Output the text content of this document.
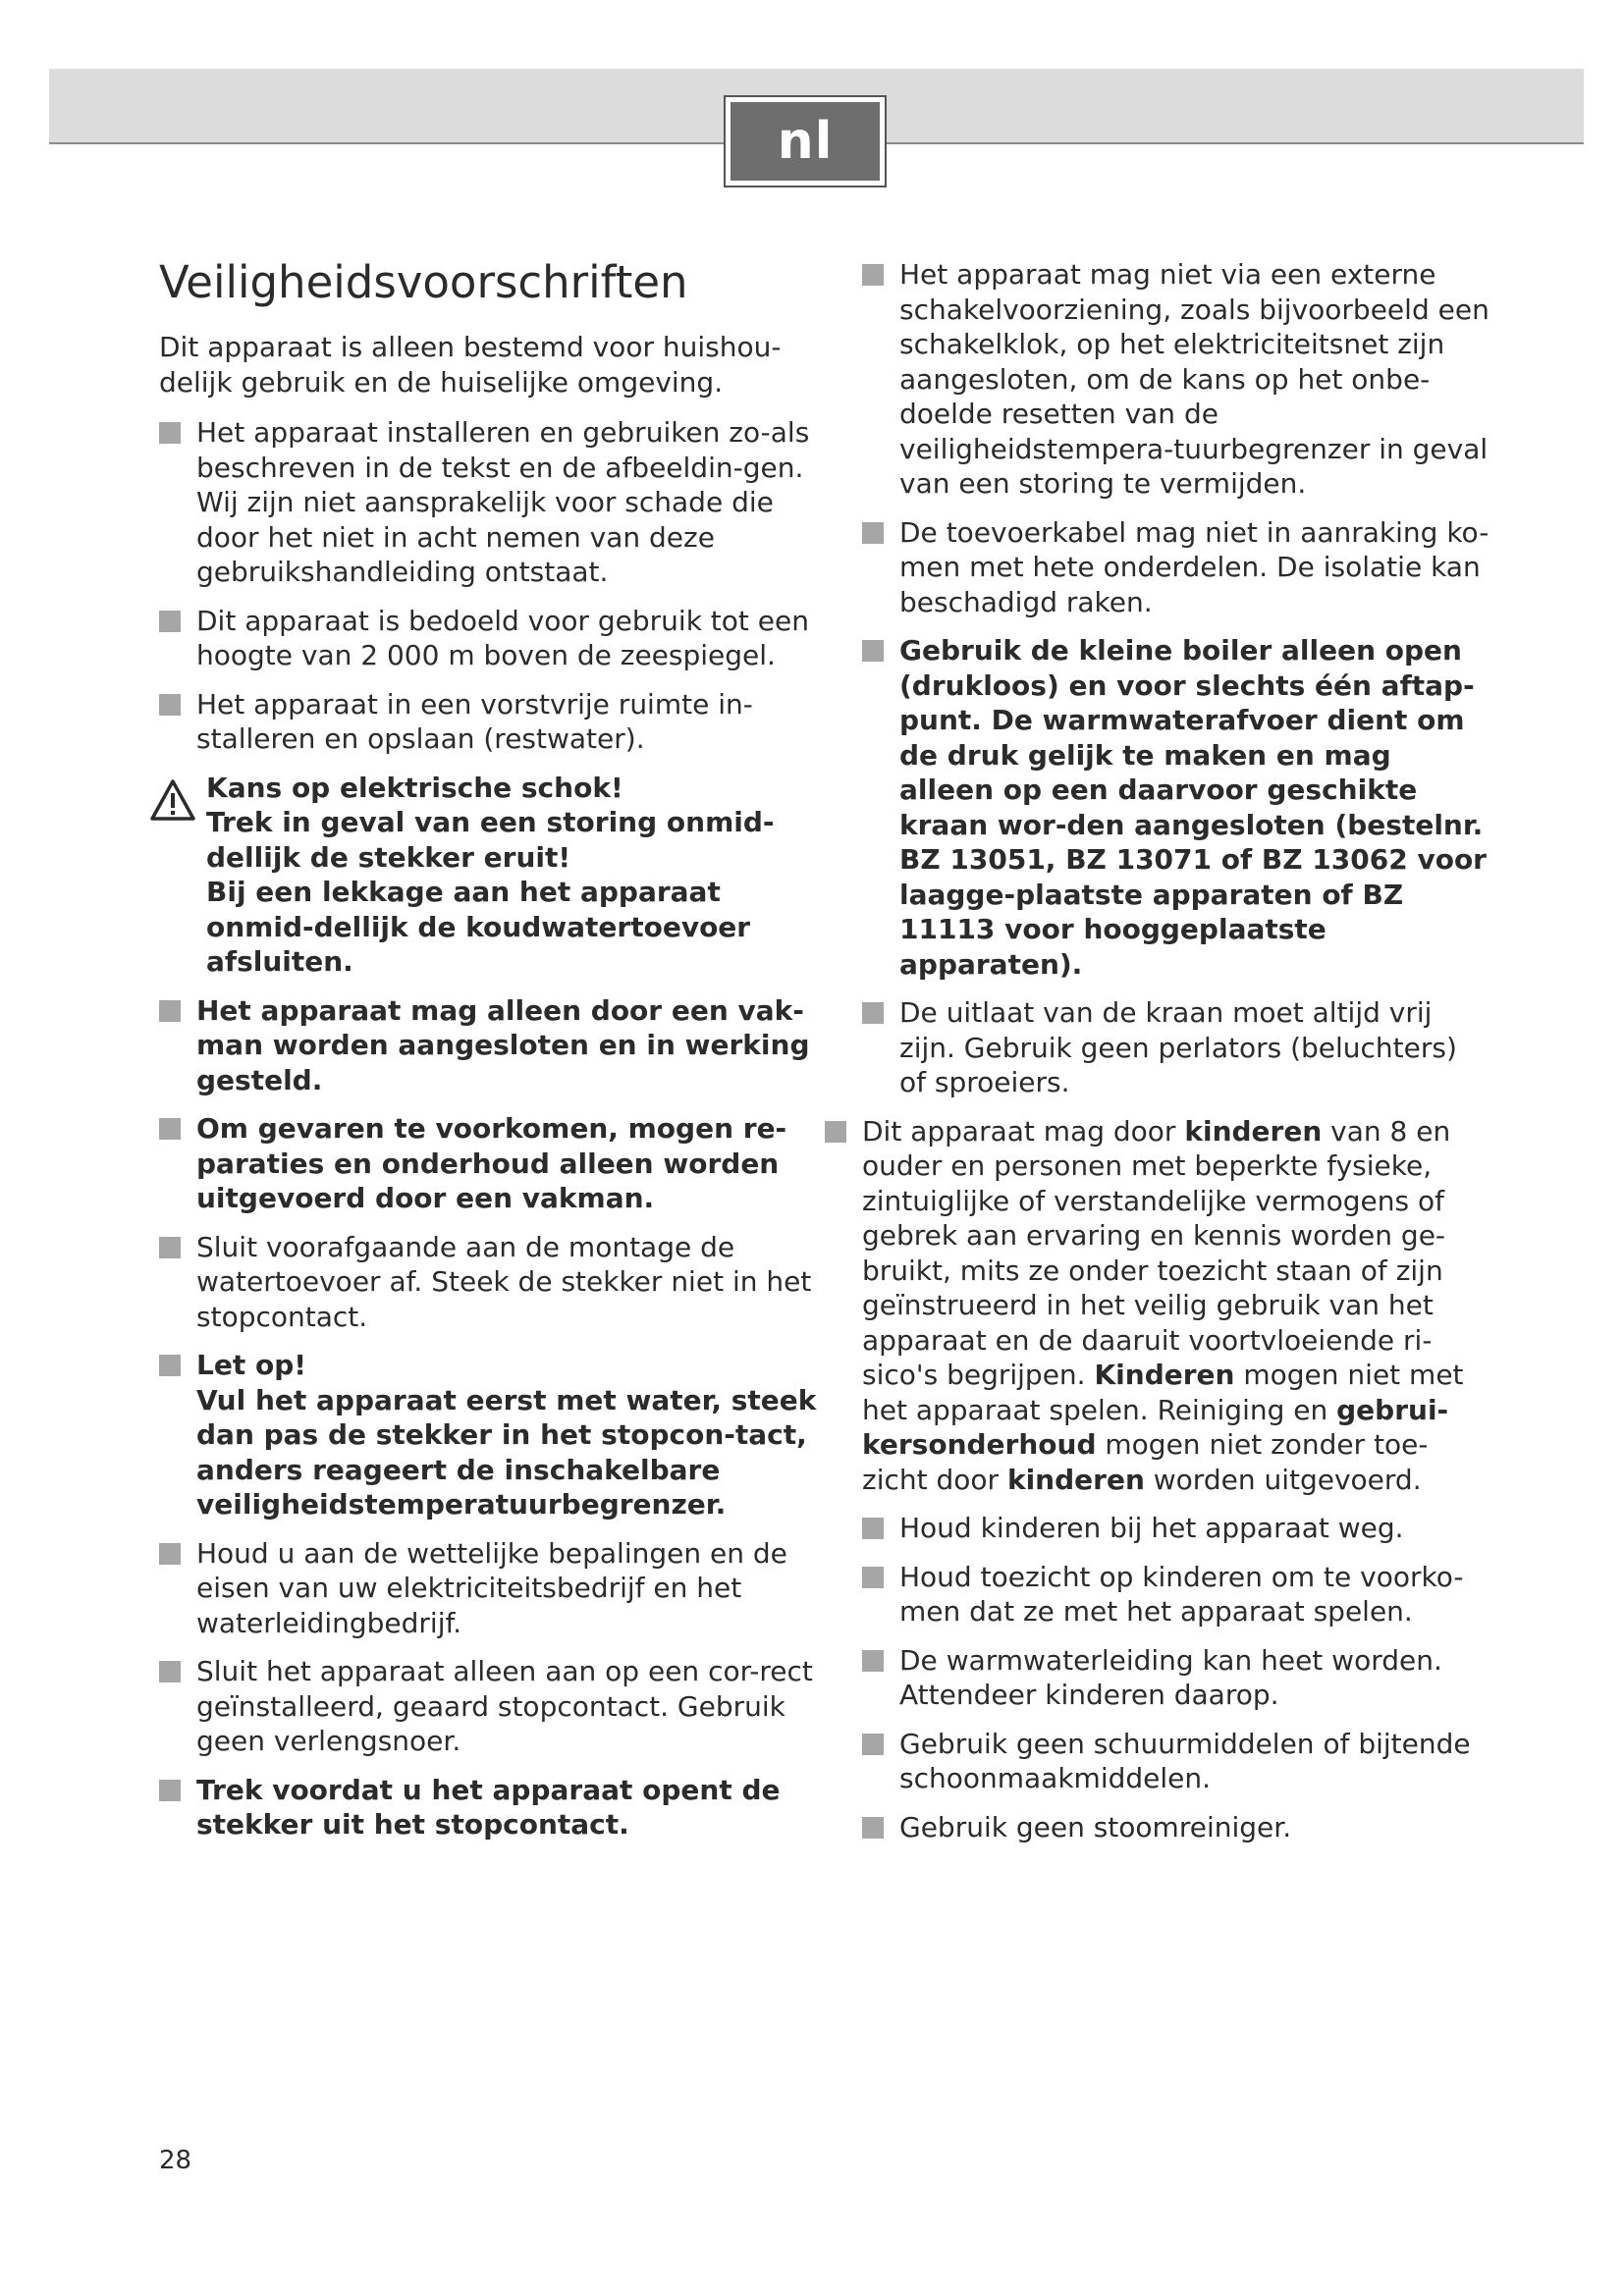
nl
Veiligheidsvoorschriften

Dit apparaat is alleen bestemd voor huishou-delijk gebruik en de huiselijke omgeving.

Het apparaat installeren en gebruiken zo-als beschreven in de tekst en de afbeeldin-gen. Wij zijn niet aansprakelijk voor schade die door het niet in acht nemen van deze gebruikshandleiding ontstaat.
Dit apparaat is bedoeld voor gebruik tot een hoogte van 2 000 m boven de zeespiegel.
Het apparaat in een vorstvrije ruimte in-stalleren en opslaan (restwater).
Kans op elektrische schok!
Trek in geval van een storing onmid-dellijk de stekker eruit!
Bij een lekkage aan het apparaat onmid-dellijk de koudwatertoevoer afsluiten.
Het apparaat mag alleen door een vak-man worden aangesloten en in werking gesteld.
Om gevaren te voorkomen, mogen re-paraties en onderhoud alleen worden uitgevoerd door een vakman.
Sluit voorafgaande aan de montage de watertoevoer af. Steek de stekker niet in het stopcontact.
Let op!
Vul het apparaat eerst met water, steek dan pas de stekker in het stopcon-tact, anders reageert de inschakelbare veiligheidstemperatuurbegrenzer.
Houd u aan de wettelijke bepalingen en de eisen van uw elektriciteitsbedrijf en het waterleidingbedrijf.
Sluit het apparaat alleen aan op een cor-rect geïnstalleerd, geaard stopcontact. Gebruik geen verlengsnoer.
Trek voordat u het apparaat opent de stekker uit het stopcontact.
Het apparaat mag niet via een externe schakelvoorziening, zoals bijvoorbeeld een schakelklok, op het elektriciteitsnet zijn aangesloten, om de kans op het onbe-doelde resetten van de veiligheidstempera-tuurbegrenzer in geval van een storing te vermijden.
De toevoerkabel mag niet in aanraking ko-men met hete onderdelen. De isolatie kan beschadigd raken.
Gebruik de kleine boiler alleen open (drukloos) en voor slechts één aftap-punt. De warmwaterafvoer dient om de druk gelijk te maken en mag alleen op een daarvoor geschikte kraan wor-den aangesloten (bestelnr. BZ 13051, BZ 13071 of BZ 13062 voor laagge-plaatste apparaten of BZ 11113 voor hooggeplaatste apparaten).
De uitlaat van de kraan moet altijd vrij zijn. Gebruik geen perlators (beluchters) of sproeiers.
Dit apparaat mag door kinderen van 8 en ouder en personen met beperkte fysieke, zintuiglijke of verstandelijke vermogens of gebrek aan ervaring en kennis worden ge-bruikt, mits ze onder toezicht staan of zijn geïnstrueerd in het veilig gebruik van het apparaat en de daaruit voortvloeiende ri-sico's begrijpen. Kinderen mogen niet met het apparaat spelen. Reiniging en gebrui-kersonderhoud mogen niet zonder toe-zicht door kinderen worden uitgevoerd.
Houd kinderen bij het apparaat weg.
Houd toezicht op kinderen om te voorko-men dat ze met het apparaat spelen.
De warmwaterleiding kan heet worden. Attendeer kinderen daarop.
Gebruik geen schuurmiddelen of bijtende schoonmaakmiddelen.
Gebruik geen stoomreiniger.
28
